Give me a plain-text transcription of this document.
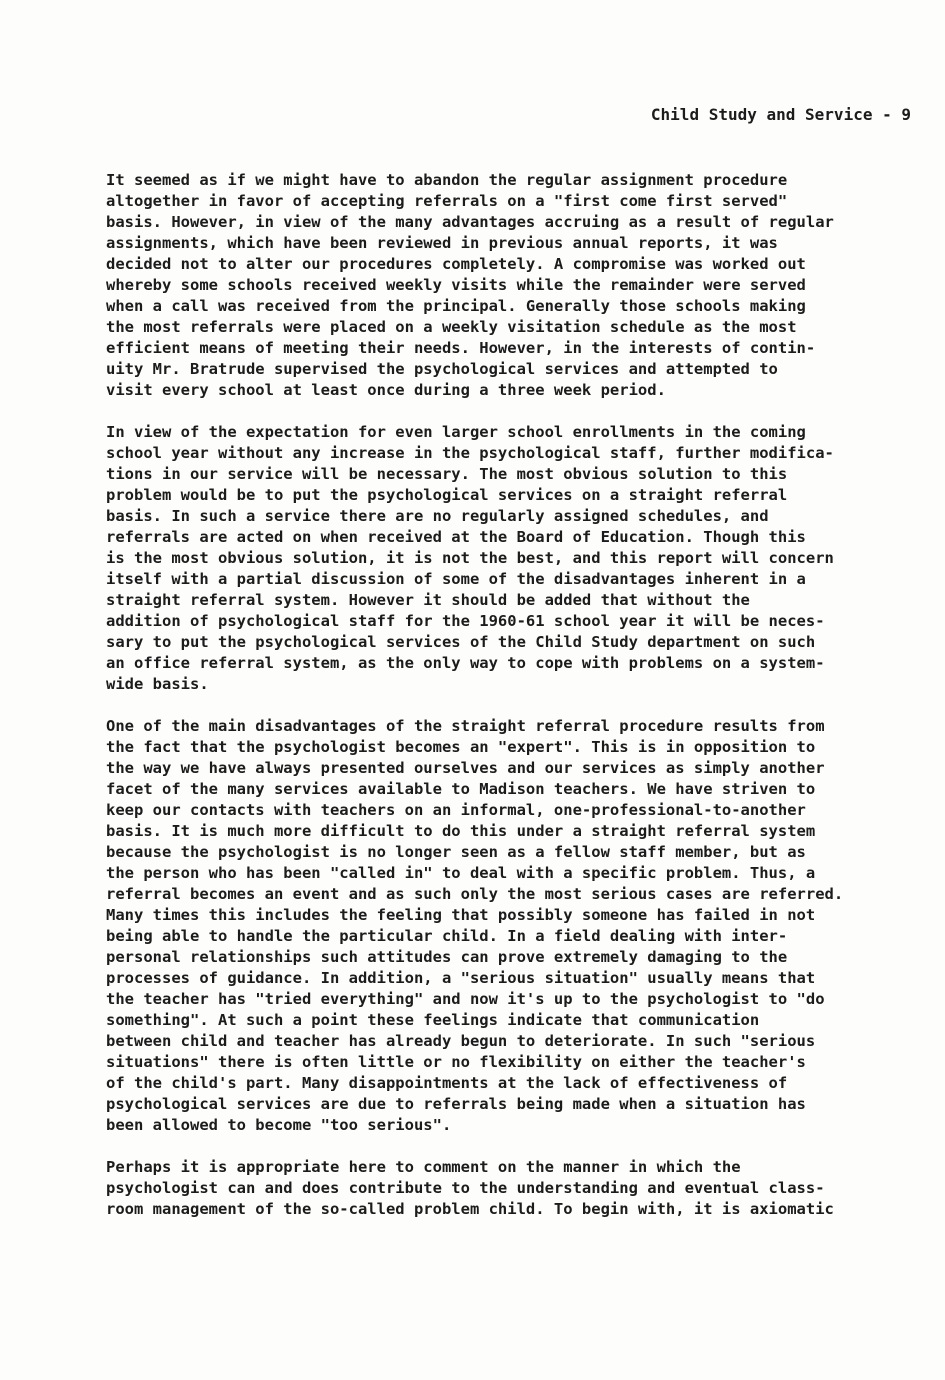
Child Study and Service - 9
It seemed as if we might have to abandon the regular assignment procedure
altogether in favor of accepting referrals on a "first come first served"
basis. However, in view of the many advantages accruing as a result of regular
assignments, which have been reviewed in previous annual reports, it was
decided not to alter our procedures completely. A compromise was worked out
whereby some schools received weekly visits while the remainder were served
when a call was received from the principal. Generally those schools making
the most referrals were placed on a weekly visitation schedule as the most
efficient means of meeting their needs. However, in the interests of contin-
uity Mr. Bratrude supervised the psychological services and attempted to
visit every school at least once during a three week period.
In view of the expectation for even larger school enrollments in the coming
school year without any increase in the psychological staff, further modifica-
tions in our service will be necessary. The most obvious solution to this
problem would be to put the psychological services on a straight referral
basis. In such a service there are no regularly assigned schedules, and
referrals are acted on when received at the Board of Education. Though this
is the most obvious solution, it is not the best, and this report will concern
itself with a partial discussion of some of the disadvantages inherent in a
straight referral system. However it should be added that without the
addition of psychological staff for the 1960-61 school year it will be neces-
sary to put the psychological services of the Child Study department on such
an office referral system, as the only way to cope with problems on a system-
wide basis.
One of the main disadvantages of the straight referral procedure results from
the fact that the psychologist becomes an "expert". This is in opposition to
the way we have always presented ourselves and our services as simply another
facet of the many services available to Madison teachers. We have striven to
keep our contacts with teachers on an informal, one-professional-to-another
basis. It is much more difficult to do this under a straight referral system
because the psychologist is no longer seen as a fellow staff member, but as
the person who has been "called in" to deal with a specific problem. Thus, a
referral becomes an event and as such only the most serious cases are referred.
Many times this includes the feeling that possibly someone has failed in not
being able to handle the particular child. In a field dealing with inter-
personal relationships such attitudes can prove extremely damaging to the
processes of guidance. In addition, a "serious situation" usually means that
the teacher has "tried everything" and now it's up to the psychologist to "do
something". At such a point these feelings indicate that communication
between child and teacher has already begun to deteriorate. In such "serious
situations" there is often little or no flexibility on either the teacher's
of the child's part. Many disappointments at the lack of effectiveness of
psychological services are due to referrals being made when a situation has
been allowed to become "too serious".
Perhaps it is appropriate here to comment on the manner in which the
psychologist can and does contribute to the understanding and eventual class-
room management of the so-called problem child. To begin with, it is axiomatic
